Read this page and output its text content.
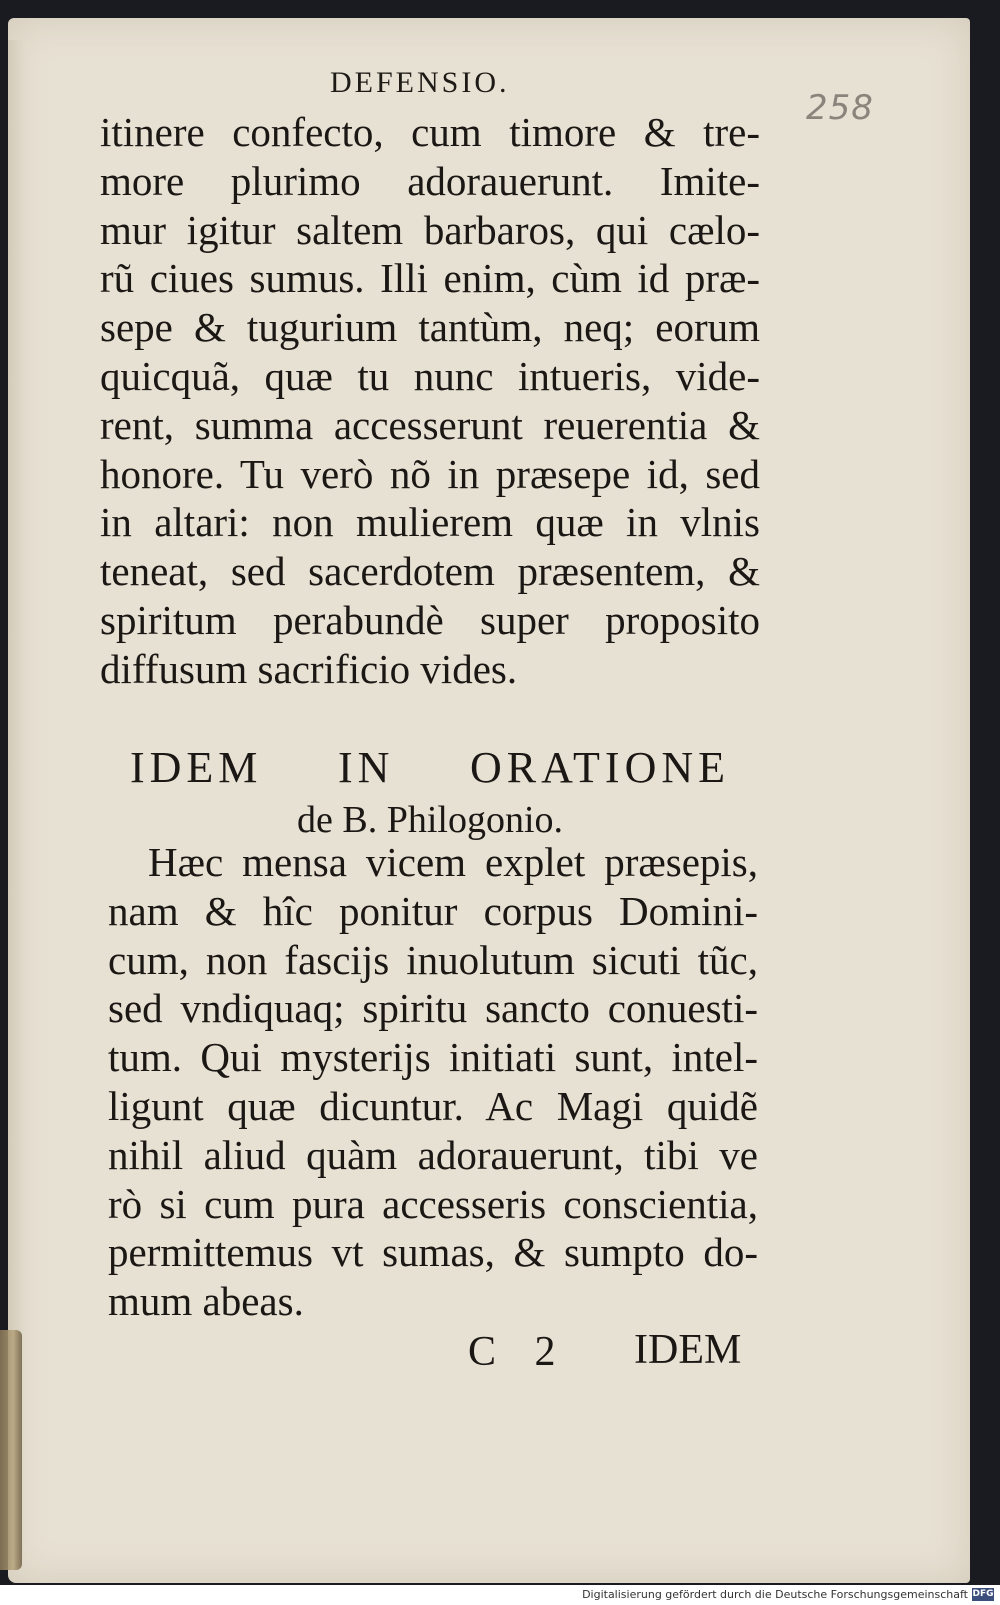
258
DEFENSIO.
itinere confecto, cum timore & tre-
more plurimo adorauerunt. Imite-
mur igitur saltem barbaros, qui cælo-
rũ ciues sumus. Illi enim, cùm id præ-
sepe & tugurium tantùm, neq; eorum
quicquã, quæ tu nunc intueris, vide-
rent, summa accesserunt reuerentia &
honore. Tu verò nõ in præsepe id, sed
in altari: non mulierem quæ in vlnis
teneat, sed sacerdotem præsentem, &
spiritum perabundè super proposito
diffusum sacrificio vides.
IDEM IN ORATIONE
de B. Philogonio.
Hæc mensa vicem explet præsepis,
nam & hîc ponitur corpus Domini-
cum, non fascijs inuolutum sicuti tũc,
sed vndiquaq; spiritu sancto conuesti-
tum. Qui mysterijs initiati sunt, intel-
ligunt quæ dicuntur. Ac Magi quidẽ
nihil aliud quàm adorauerunt, tibi ve
rò si cum pura accesseris conscientia,
permittemus vt sumas, & sumpto do-
mum abeas.
C 2 IDEM
Digitalisierung gefördert durch die Deutsche Forschungsgemeinschaft DFG
